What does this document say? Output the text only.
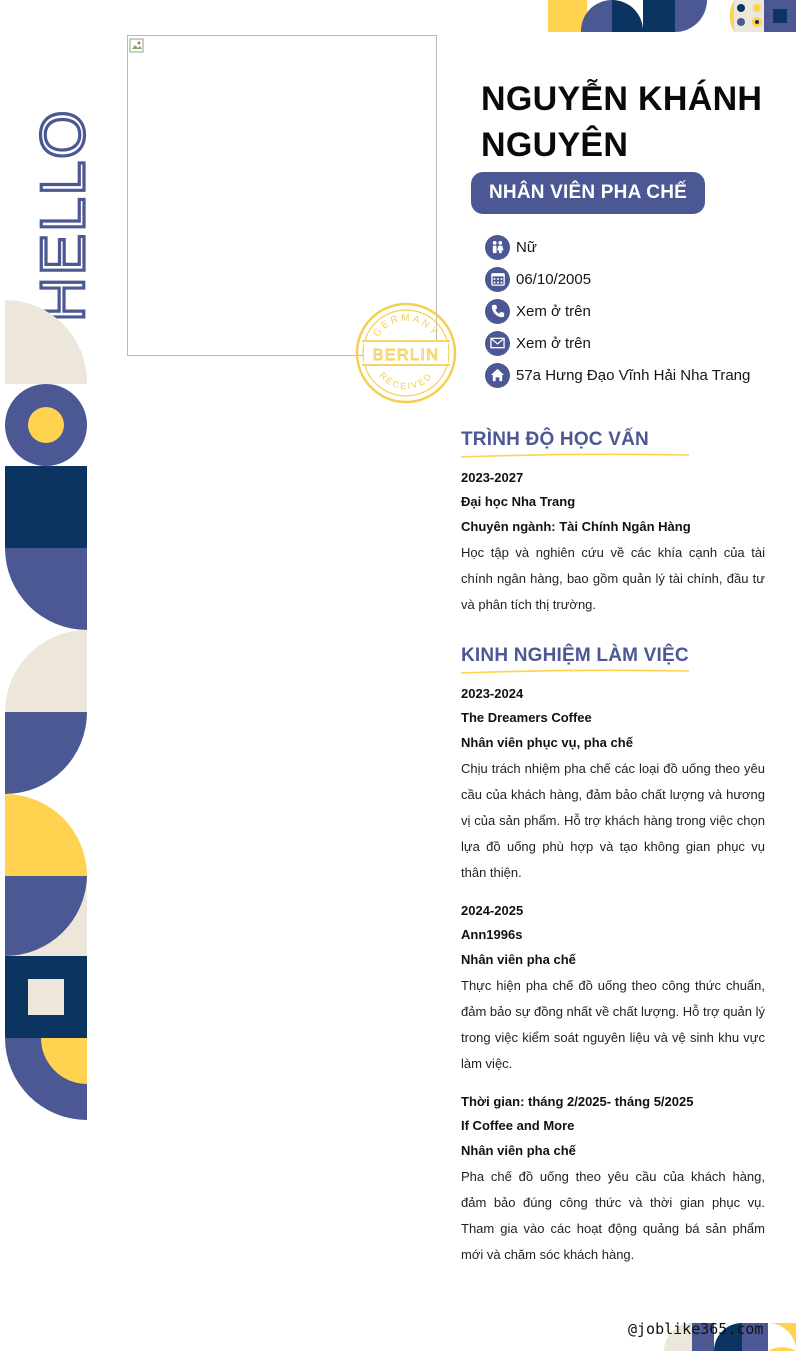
HELLO
GERMANY
BERLIN
RECEIVED
NGUYỄN KHÁNH NGUYÊN
NHÂN VIÊN PHA CHẾ
Nữ
06/10/2005
Xem ở trên
Xem ở trên
57a Hưng Đạo Vĩnh Hải Nha Trang
TRÌNH ĐỘ HỌC VẤN
2023-2027
Đại học Nha Trang
Chuyên ngành: Tài Chính Ngân Hàng
Học tập và nghiên cứu về các khía cạnh của tài chính ngân hàng, bao gồm quản lý tài chính, đầu tư và phân tích thị trường.
KINH NGHIỆM LÀM VIỆC
2023-2024
The Dreamers Coffee
Nhân viên phục vụ, pha chế
Chịu trách nhiệm pha chế các loại đồ uống theo yêu cầu của khách hàng, đảm bảo chất lượng và hương vị của sản phẩm. Hỗ trợ khách hàng trong việc chọn lựa đồ uống phù hợp và tạo không gian phục vụ thân thiện.
2024-2025
Ann1996s
Nhân viên pha chế
Thực hiện pha chế đồ uống theo công thức chuẩn, đảm bảo sự đồng nhất về chất lượng. Hỗ trợ quản lý trong việc kiểm soát nguyên liệu và vệ sinh khu vực làm việc.
Thời gian: tháng 2/2025- tháng 5/2025
If Coffee and More
Nhân viên pha chế
Pha chế đồ uống theo yêu cầu của khách hàng, đảm bảo đúng công thức và thời gian phục vụ. Tham gia vào các hoạt động quảng bá sản phẩm mới và chăm sóc khách hàng.
@joblike365.com
